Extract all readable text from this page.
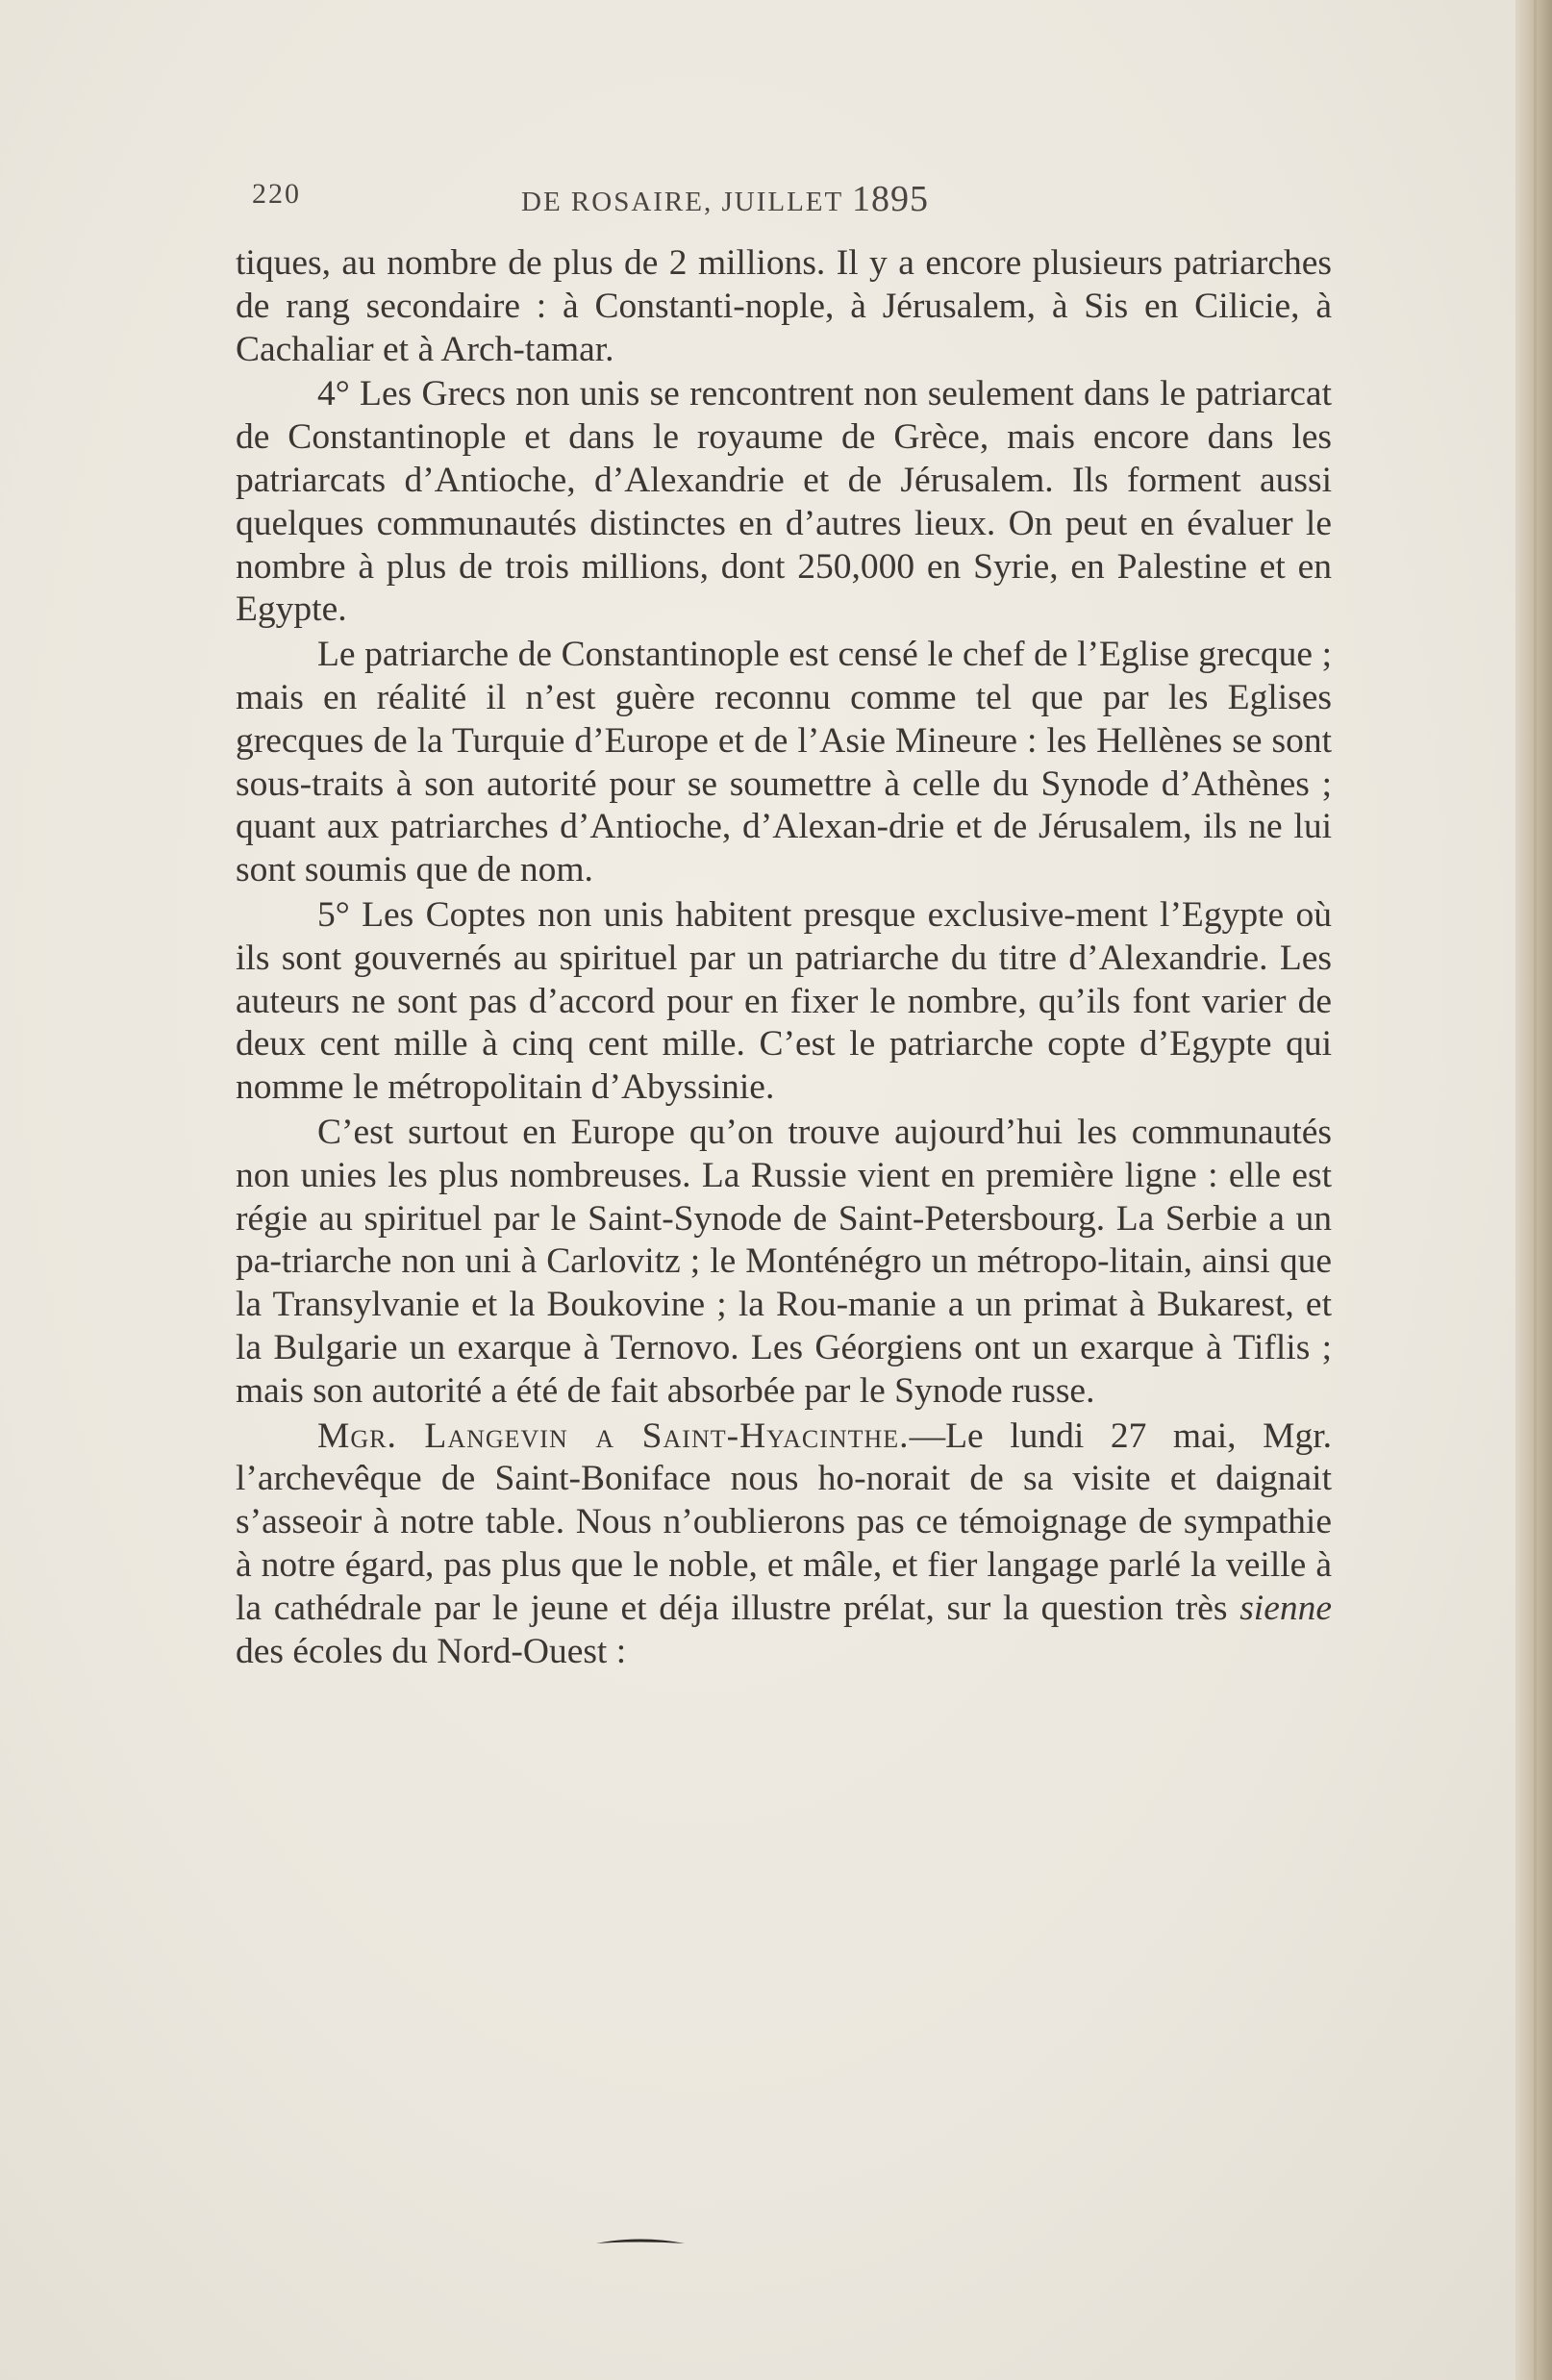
220	DE ROSAIRE, JUILLET 1895

tiques, au nombre de plus de 2 millions. Il y a encore plusieurs patriarches de rang secondaire : à Constanti-nople, à Jérusalem, à Sis en Cilicie, à Cachaliar et à Arch-tamar.

4° Les Grecs non unis se rencontrent non seulement dans le patriarcat de Constantinople et dans le royaume de Grèce, mais encore dans les patriarcats d’Antioche, d’Alexandrie et de Jérusalem. Ils forment aussi quelques communautés distinctes en d’autres lieux. On peut en évaluer le nombre à plus de trois millions, dont 250,000 en Syrie, en Palestine et en Egypte.

Le patriarche de Constantinople est censé le chef de l’Eglise grecque ; mais en réalité il n’est guère reconnu comme tel que par les Eglises grecques de la Turquie d’Europe et de l’Asie Mineure : les Hellènes se sont sous-traits à son autorité pour se soumettre à celle du Synode d’Athènes ; quant aux patriarches d’Antioche, d’Alexan-drie et de Jérusalem, ils ne lui sont soumis que de nom.

5° Les Coptes non unis habitent presque exclusive-ment l’Egypte où ils sont gouvernés au spirituel par un patriarche du titre d’Alexandrie. Les auteurs ne sont pas d’accord pour en fixer le nombre, qu’ils font varier de deux cent mille à cinq cent mille. C’est le patriarche copte d’Egypte qui nomme le métropolitain d’Abyssinie.

C’est surtout en Europe qu’on trouve aujourd’hui les communautés non unies les plus nombreuses. La Russie vient en première ligne : elle est régie au spirituel par le Saint-Synode de Saint-Petersbourg. La Serbie a un pa-triarche non uni à Carlovitz ; le Monténégro un métropo-litain, ainsi que la Transylvanie et la Boukovine ; la Rou-manie a un primat à Bukarest, et la Bulgarie un exarque à Ternovo. Les Géorgiens ont un exarque à Tiflis ; mais son autorité a été de fait absorbée par le Synode russe.

Mgr. Langevin a Saint-Hyacinthe.—Le lundi 27 mai, Mgr. l’archevêque de Saint-Boniface nous ho-norait de sa visite et daignait s’asseoir à notre table. Nous n’oublierons pas ce témoignage de sympathie à notre égard, pas plus que le noble, et mâle, et fier langage parlé la veille à la cathédrale par le jeune et déja illustre prélat, sur la question très sienne des écoles du Nord-Ouest :
